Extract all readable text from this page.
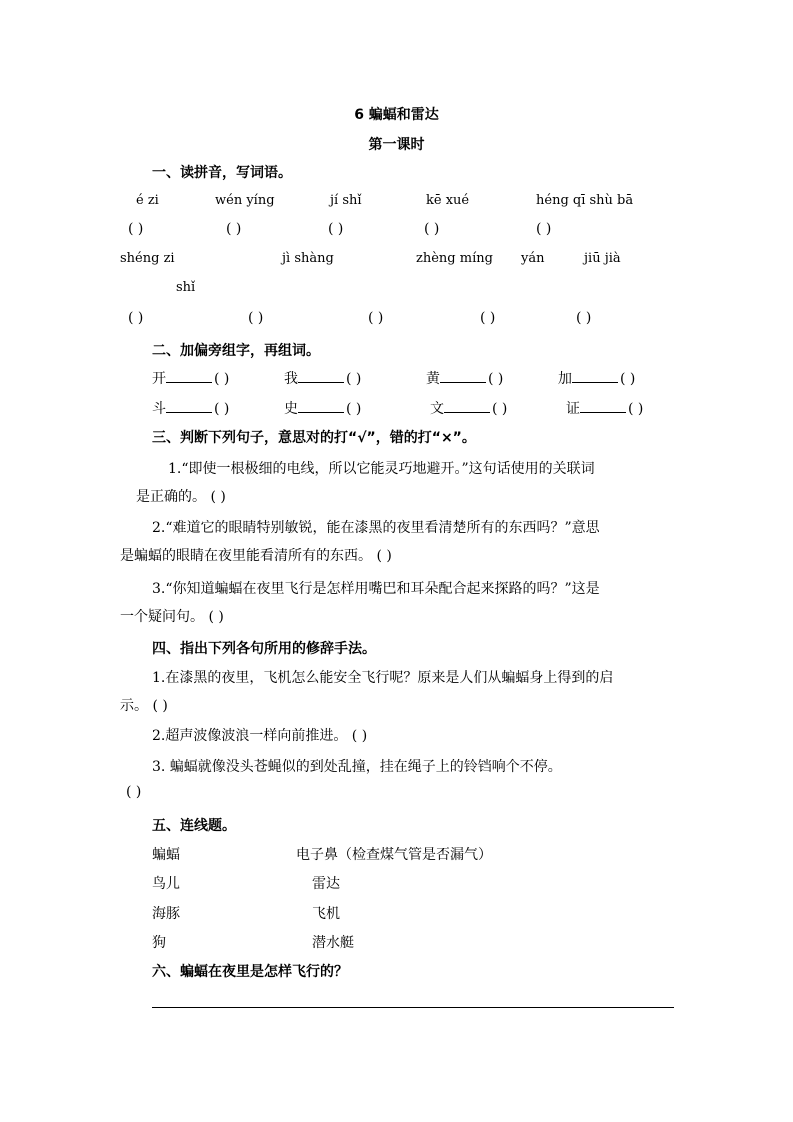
6 蝙蝠和雷达
第一课时
一、读拼音，写词语。
é zi	wén yíng	jí shǐ	kē xué	héng qī shù bā
( )	( )	( )	( )	( )
shéng zi	jì shàng	zhèng míng yán	jiū jià
shǐ
( )	( )	( )	( )	( )
二、加偏旁组字，再组词。
开	( )	我	( )	黄	( )	加	( )
斗	( )	史	( )	文	( )	证	( )
三、判断下列句子，意思对的打“√”，错的打“×”。
1.“即使一根极细的电线，所以它能灵巧地避开。”这句话使用的关联词
是正确的。 ( )
2.“难道它的眼睛特别敏锐，能在漆黑的夜里看清楚所有的东西吗？”意思
是蝙蝠的眼睛在夜里能看清所有的东西。 ( )
3.“你知道蝙蝠在夜里飞行是怎样用嘴巴和耳朵配合起来探路的吗？”这是
一个疑问句。 ( )
四、指出下列各句所用的修辞手法。
1.在漆黑的夜里，飞机怎么能安全飞行呢？原来是人们从蝙蝠身上得到的启
示。 ( )
2.超声波像波浪一样向前推进。 ( )
3. 蝙蝠就像没头苍蝇似的到处乱撞，挂在绳子上的铃铛响个不停。
( )
五、连线题。
蝙蝠	电子鼻（检查煤气管是否漏气）
鸟儿	雷达
海豚	飞机
狗	潜水艇
六、蝙蝠在夜里是怎样飞行的？
